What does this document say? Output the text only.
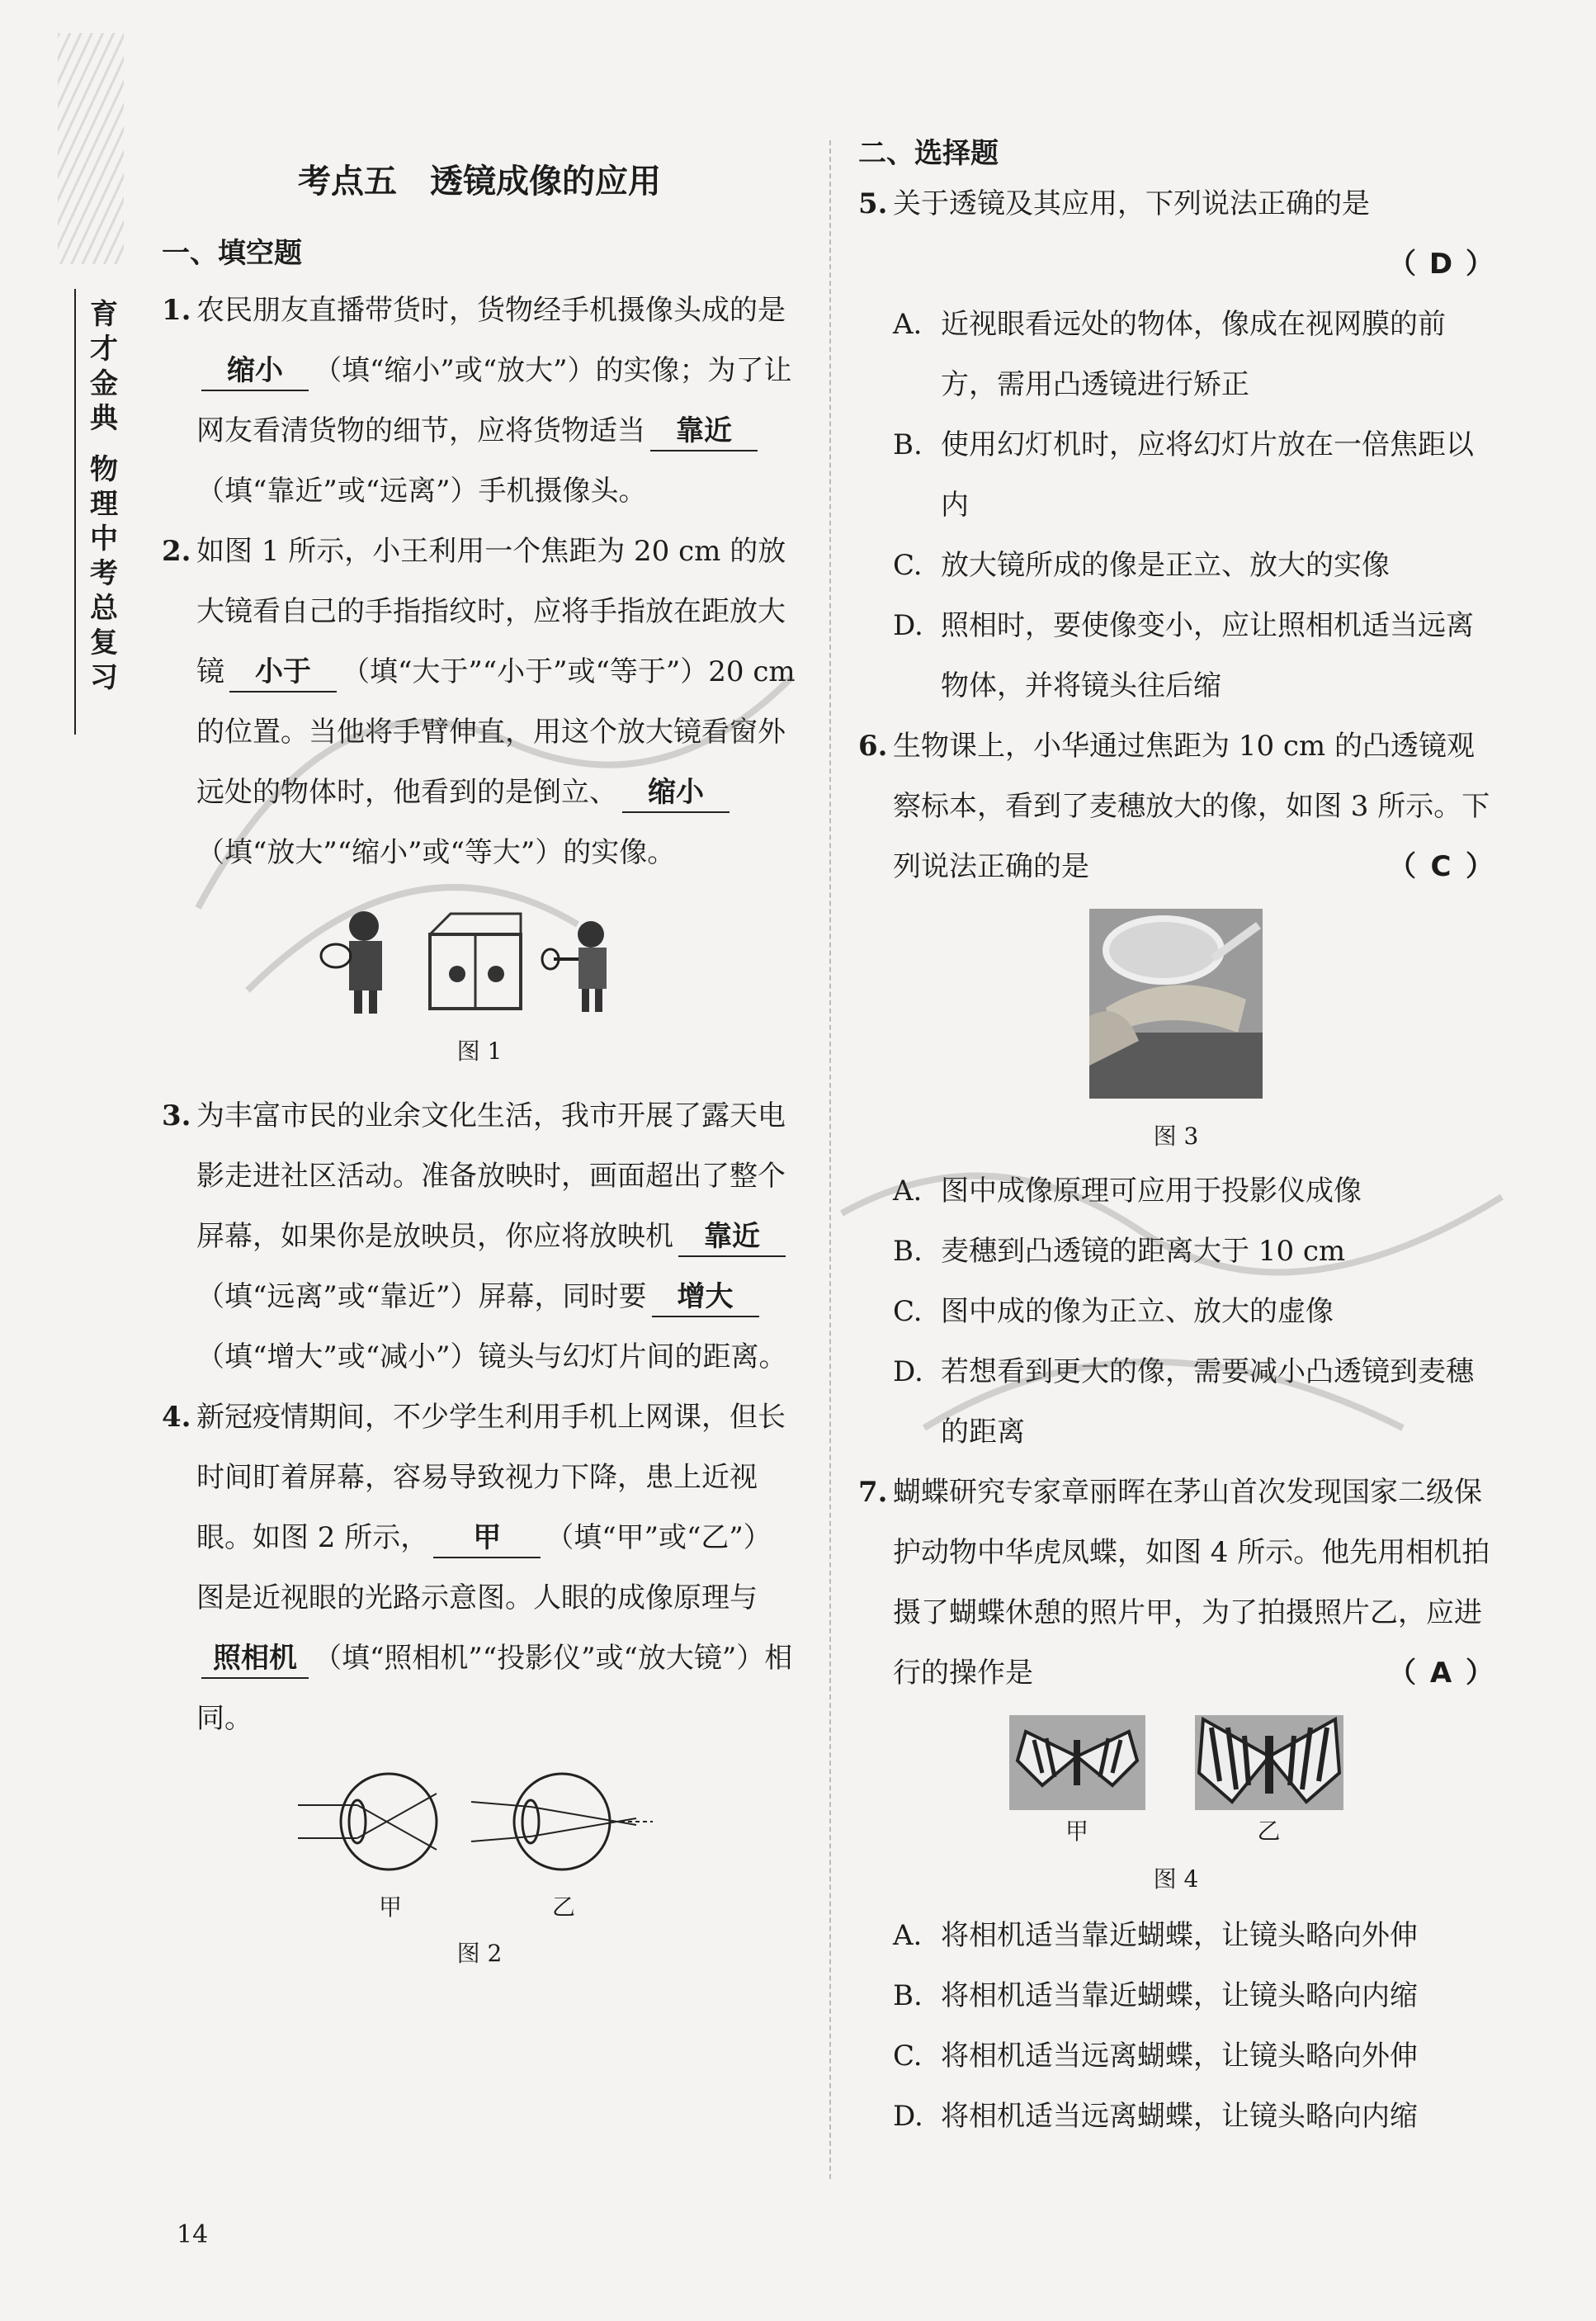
育
才
金
典
物
理
中
考
总
复
习
考点五 透镜成像的应用
一、填空题
1. 农民朋友直播带货时，货物经手机摄像头成的是缩小 （填“缩小”或“放大”）的实像；为了让网友看清货物的细节，应将货物适当 靠近（填“靠近”或“远离”）手机摄像头。
2. 如图 1 所示，小王利用一个焦距为 20 cm 的放大镜看自己的手指指纹时，应将手指放在距放大镜 小于 （填“大于”“小于”或“等于”）20 cm 的位置。当他将手臂伸直，用这个放大镜看窗外远处的物体时，他看到的是倒立、 缩小（填“放大”“缩小”或“等大”）的实像。
图 1
3. 为丰富市民的业余文化生活，我市开展了露天电影走进社区活动。准备放映时，画面超出了整个屏幕，如果你是放映员，你应将放映机 靠近（填“远离”或“靠近”）屏幕，同时要 增大（填“增大”或“减小”）镜头与幻灯片间的距离。
4. 新冠疫情期间，不少学生利用手机上网课，但长时间盯着屏幕，容易导致视力下降，患上近视眼。如图 2 所示， 甲 （填“甲”或“乙”）图是近视眼的光路示意图。人眼的成像原理与照相机 （填“照相机”“投影仪”或“放大镜”）相同。
甲	乙
图 2
二、选择题
5. 关于透镜及其应用，下列说法正确的是
（ D ）
A. 近视眼看远处的物体，像成在视网膜的前方，需用凸透镜进行矫正
B. 使用幻灯机时，应将幻灯片放在一倍焦距以内
C. 放大镜所成的像是正立、放大的实像
D. 照相时，要使像变小，应让照相机适当远离物体，并将镜头往后缩
6. 生物课上，小华通过焦距为 10 cm 的凸透镜观察标本，看到了麦穗放大的像，如图 3 所示。下列说法正确的是	（ C ）
图 3
A. 图中成像原理可应用于投影仪成像
B. 麦穗到凸透镜的距离大于 10 cm
C. 图中成的像为正立、放大的虚像
D. 若想看到更大的像，需要减小凸透镜到麦穗的距离
7. 蝴蝶研究专家章丽晖在茅山首次发现国家二级保护动物中华虎凤蝶，如图 4 所示。他先用相机拍摄了蝴蝶休憩的照片甲，为了拍摄照片乙，应进行的操作是	（ A ）
甲	乙
图 4
A. 将相机适当靠近蝴蝶，让镜头略向外伸
B. 将相机适当靠近蝴蝶，让镜头略向内缩
C. 将相机适当远离蝴蝶，让镜头略向外伸
D. 将相机适当远离蝴蝶，让镜头略向内缩
14
